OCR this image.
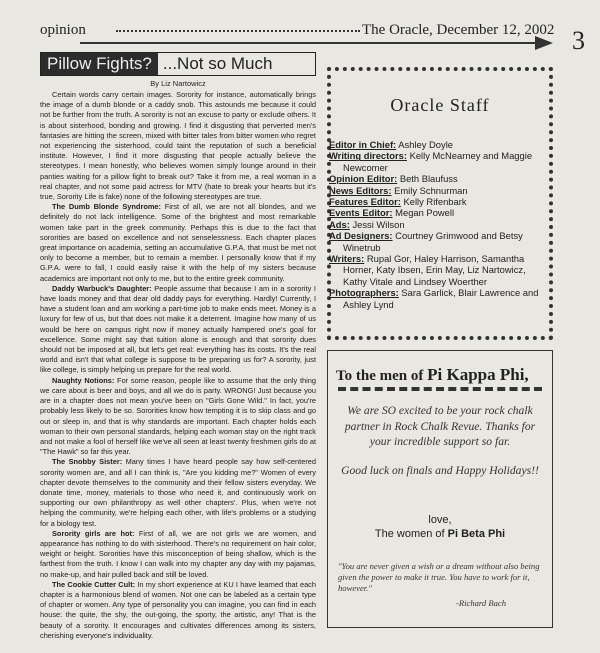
opinion	The Oracle, December 12, 2002 3
Pillow Fights? ...Not so Much
By Liz Nartowicz

Certain words carry certain images. Sorority for instance, automatically brings the image of a dumb blonde or a caddy snob. This astounds me because it could not be further from the truth. A sorority is not an excuse to party or exclude others. It is about sisterhood, bonding and growing. I find it disgusting that perverted men's fantasies are hitting the screen, mixed with bitter tales from bitter women who regret not experiencing the sisterhood, could taint the reputation of such a beneficial institute. However, I find it more disgusting that people actually believe the stereotypes. I mean honestly, who believes women simply lounge around in their panties waiting for a pillow fight to break out? Take it from me, a real woman in a real chapter, and not some paid actress for MTV (hate to break your hearts but it's true, Sorority Life is fake) none of the following stereotypes are true.

The Dumb Blonde Syndrome: First of all, we are not all blondes, and we definitely do not lack intelligence. Some of the brightest and most remarkable women take part in the greek community. Perhaps this is due to the fact that sororities are based on excellence and not senselessness. Each chapter places great importance on academia, setting an accumulative G.P.A. that must be met not only to become a member, but to remain a member. I personally know that if my G.P.A. were to fall, I could easily raise it with the help of my sisters because academics are important not only to me, but to the entire greek community.

Daddy Warbuck's Daughter: People assume that because I am in a sorority I have loads money and that dear old daddy pays for everything. Hardly! Currently, I have a student loan and am working a part-time job to make ends meet. Money is a luxury for few of us, but that does not make it a deterrent. Imagine how many of us would be here on campus right now if money actually hampered one's goal for excellence. Some might say that tuition alone is enough and that sorority dues should not be imposed at all, but let's get real: everything has its costs. It's the real world and isn't that what college is suppose to be preparing us for? A sorority, just like college, is simply helping us prepare for the real world.

Naughty Notions: For some reason, people like to assume that the only thing we care about is beer and boys, and all we do is party. WRONG! Just because you are in a chapter does not mean you've been on "Girls Gone Wild." In fact, you're probably less likely to be so. Sororities know how tempting it is to skip class and go out or sleep in, and that is why standards are important. Each chapter holds each woman to their own personal standards, helping each woman stay on the right track and not make a fool of herself like we've all seen at least twenty freshmen girls do at "The Hawk" so far this year.

The Snobby Sister: Many times I have heard people say how self-centered sorority women are, and all I can think is, "Are you kidding me?" Women of every chapter devote themselves to the community and their fellow sisters everyday. We donate time, money, materials to those who need it, and continuously work on supporting our own philanthropy as well other chapters'. Plus, when we're not helping the community, we're helping each other, with life's problems or a studying for a biology test.

Sorority girls are hot: First of all, we are not girls we are women, and appearance has nothing to do with sisterhood. There's no requirement on hair color, weight or height. Sororities have this misconception of being shallow, which is the farthest from the truth. I know I can walk into my chapter any day with my pajamas, no make-up, and hair pulled back and still be loved.

The Cookie Cutter Cult: In my short experience at KU I have learned that each chapter is a harmonious blend of women. Not one can be labeled as a certain type of chapter or women. Any type of personality you can imagine, you can find in each house: the quite, the shy, the out-going, the sporty, the artistic, any! That is the beauty of a sorority. It encourages and cultivates differences among its sisters, cherishing everyone's individuality.

Oracle Staff

Editor in Chief: Ashley Doyle

Writing directors: Kelly McNearney and Maggie Newcomer

Opinion Editor: Beth Blaufuss

News Editors: Emily Schnurman

Features Editor: Kelly Rifenbark

Events Editor: Megan Powell

Ads: Jessi Wilson

Ad Designers: Courtney Grimwood and Betsy Winetrub

Writers: Rupal Gor, Haley Harrison, Samantha Horner, Katy Ibsen, Erin May, Liz Nartowicz, Kathy Vitale and Lindsey Woerther

Photographers: Sara Garlick, Blair Lawrence and Ashley Lynd

To the men of Pi Kappa Phi,
We are SO excited to be your rock chalk partner in Rock Chalk Revue. Thanks for your incredible support so far.
Good luck on finals and Happy Holidays!!
love,
The women of Pi Beta Phi
"You are never given a wish or a dream without also being given the power to make it true. You have to work for it, however."
-Richard Bach
